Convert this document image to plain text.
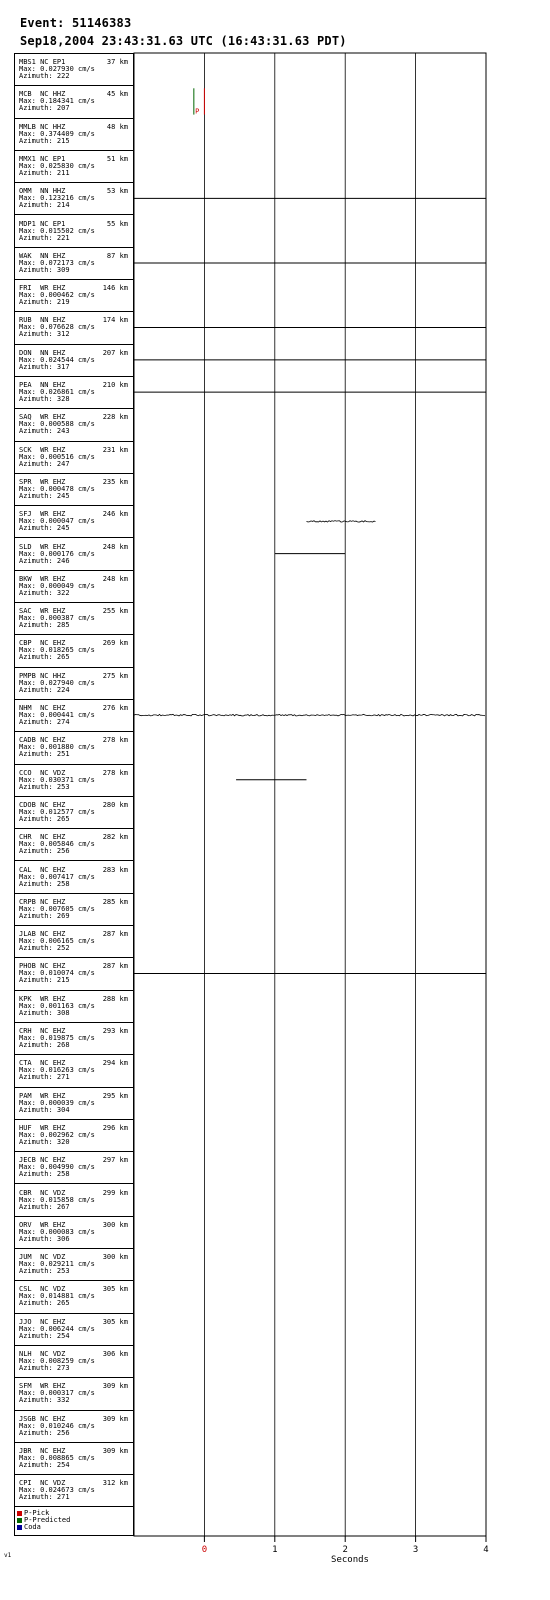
Event: 51146383
Sep18,2004 23:43:31.63 UTC (16:43:31.63 PDT)
MBS1 NC EP1	37 km
Max: 0.027930 cm/s
Azimuth: 222
MCB  NC HHZ	45 km
Max: 0.184341 cm/s
Azimuth: 207
MMLB NC HHZ	48 km
Max: 0.374409 cm/s
Azimuth: 215
MMX1 NC EP1	51 km
Max: 0.025830 cm/s
Azimuth: 211
OMM  NN HHZ	53 km
Max: 0.123216 cm/s
Azimuth: 214
MDP1 NC EP1	55 km
Max: 0.015502 cm/s
Azimuth: 221
WAK  NN EHZ	87 km
Max: 0.072173 cm/s
Azimuth: 309
FRI  WR EHZ	146 km
Max: 0.000462 cm/s
Azimuth: 219
RUB  NN EHZ	174 km
Max: 0.076628 cm/s
Azimuth: 312
DON  NN EHZ	207 km
Max: 0.024544 cm/s
Azimuth: 317
PEA  NN EHZ	210 km
Max: 0.026861 cm/s
Azimuth: 328
SAQ  WR EHZ	228 km
Max: 0.000588 cm/s
Azimuth: 243
SCK  WR EHZ	231 km
Max: 0.000516 cm/s
Azimuth: 247
SPR  WR EHZ	235 km
Max: 0.000478 cm/s
Azimuth: 245
SFJ  WR EHZ	246 km
Max: 0.000047 cm/s
Azimuth: 245
SLD  WR EHZ	248 km
Max: 0.000176 cm/s
Azimuth: 246
BKW  WR EHZ	248 km
Max: 0.000049 cm/s
Azimuth: 322
SAC  WR EHZ	255 km
Max: 0.000387 cm/s
Azimuth: 285
CBP  NC EHZ	269 km
Max: 0.018265 cm/s
Azimuth: 265
PMPB NC HHZ	275 km
Max: 0.027940 cm/s
Azimuth: 224
NHM  NC EHZ	276 km
Max: 0.000441 cm/s
Azimuth: 274
CADB NC EHZ	278 km
Max: 0.001880 cm/s
Azimuth: 251
CCO  NC VDZ	278 km
Max: 0.030371 cm/s
Azimuth: 253
CDOB NC EHZ	280 km
Max: 0.012577 cm/s
Azimuth: 265
CHR  NC EHZ	282 km
Max: 0.005846 cm/s
Azimuth: 256
CAL  NC EHZ	283 km
Max: 0.007417 cm/s
Azimuth: 258
CRPB NC EHZ	285 km
Max: 0.007605 cm/s
Azimuth: 269
JLAB NC EHZ	287 km
Max: 0.006165 cm/s
Azimuth: 252
PHOB NC EHZ	287 km
Max: 0.010074 cm/s
Azimuth: 215
KPK  WR EHZ	288 km
Max: 0.001163 cm/s
Azimuth: 308
CRH  NC EHZ	293 km
Max: 0.019875 cm/s
Azimuth: 268
CTA  NC EHZ	294 km
Max: 0.016263 cm/s
Azimuth: 271
PAM  WR EHZ	295 km
Max: 0.000039 cm/s
Azimuth: 304
HUF  WR EHZ	296 km
Max: 0.002962 cm/s
Azimuth: 320
JECB NC EHZ	297 km
Max: 0.004990 cm/s
Azimuth: 258
CBR  NC VDZ	299 km
Max: 0.015858 cm/s
Azimuth: 267
ORV  WR EHZ	300 km
Max: 0.000083 cm/s
Azimuth: 306
JUM  NC VDZ	300 km
Max: 0.029211 cm/s
Azimuth: 253
CSL  NC VDZ	305 km
Max: 0.014881 cm/s
Azimuth: 265
JJO  NC EHZ	305 km
Max: 0.006244 cm/s
Azimuth: 254
NLH  NC VDZ	306 km
Max: 0.008259 cm/s
Azimuth: 273
SFM  WR EHZ	309 km
Max: 0.000317 cm/s
Azimuth: 332
JSGB NC EHZ	309 km
Max: 0.010246 cm/s
Azimuth: 256
JBR  NC EHZ	309 km
Max: 0.008865 cm/s
Azimuth: 254
CPI  NC VDZ	312 km
Max: 0.024673 cm/s
Azimuth: 271
P-Pick
P-Predicted
Coda
0	1	2	3	4
Seconds
P
v1
